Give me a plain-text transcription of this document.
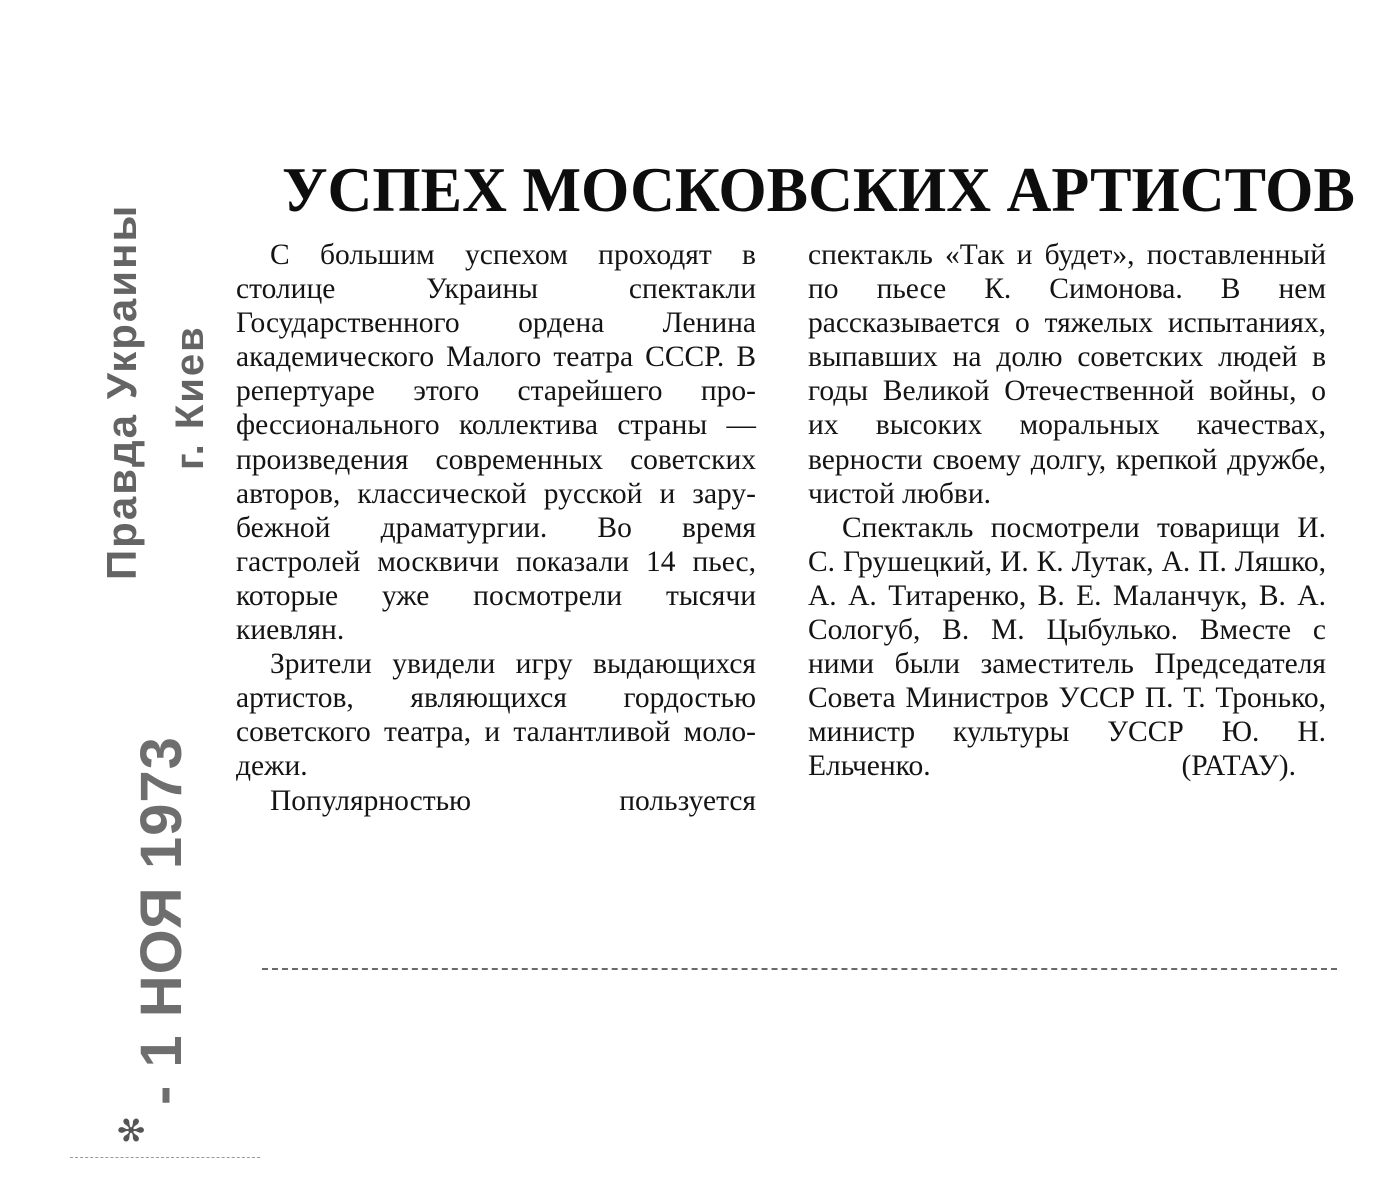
Правда Украины г. Киев
- 1 НОЯ 1973
✻
УСПЕХ МОСКОВСКИХ АРТИСТОВ

С большим успехом проходят в столице Украины спектакли Государственного ордена Ленина академического Малого театра СССР. В репертуаре этого старейшего профессионального коллектива страны — произведения современных советских авторов, классической русской и зарубежной драматургии. Во время гастролей москвичи показали 14 пьес, которые уже посмотрели тысячи киевлян.

Зрители увидели игру выдающихся артистов, являющихся гордостью советского театра, и талантливой молодежи.

Популярностью пользуется

спектакль «Так и будет», поставленный по пьесе К. Симонова. В нем рассказывается о тяжелых испытаниях, выпавших на долю советских людей в годы Великой Отечественной войны, о их высоких моральных качествах, верности своему долгу, крепкой дружбе, чистой любви.

Спектакль посмотрели товарищи И. С. Грушецкий, И. К. Лутак, А. П. Ляшко, А. А. Титаренко, В. Е. Маланчук, В. А. Сологуб, В. М. Цыбулько. Вместе с ними были заместитель Председателя Совета Министров УССР П. Т. Тронько, министр культуры УССР Ю. Н. Ельченко.	(РАТАУ).
